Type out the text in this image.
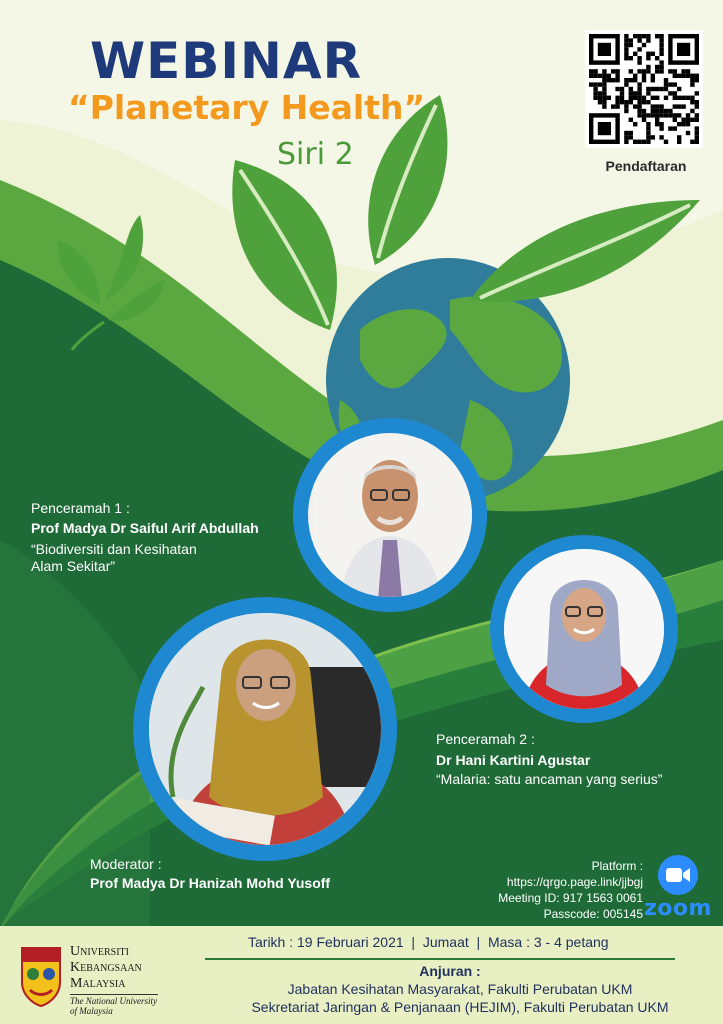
WEBINAR
“Planetary Health”
Siri 2	Pendaftaran
Penceramah 1 :
Prof Madya Dr Saiful Arif Abdullah
“Biodiversiti dan Kesihatan
Alam Sekitar”
Penceramah 2 :
Dr Hani Kartini Agustar
“Malaria: satu ancaman yang serius”
Moderator :
Prof Madya Dr Hanizah Mohd Yusoff
Platform :
https://qrgo.page.link/jjbgj
Meeting ID: 917 1563 0061
Passcode: 005145 zoom
Universiti
Kebangsaan
Malaysia
The National University
of Malaysia
Tarikh : 19 Februari 2021  |  Jumaat  |  Masa : 3 - 4 petang
Anjuran :
Jabatan Kesihatan Masyarakat, Fakulti Perubatan UKM
Sekretariat Jaringan & Penjanaan (HEJIM), Fakulti Perubatan UKM
